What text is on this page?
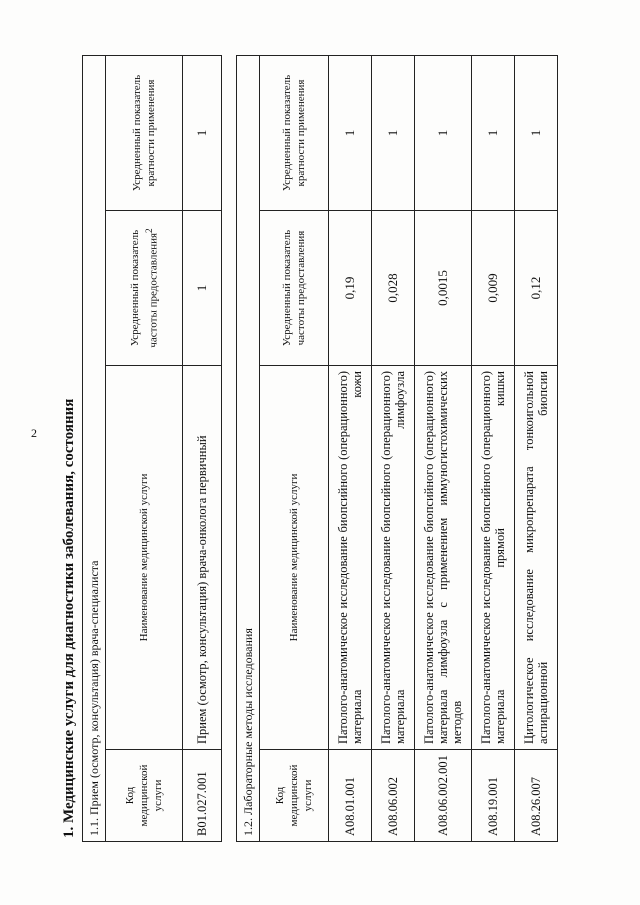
2 1. Медицинские услуги для диагностики заболевания, состояния 1.1. Прием (осмотр, консультация) врача-специалиста			
Код медицинской услуги	Наименование медицинской услуги	Усредненный показатель частоты предоставления$^2$	Усредненный показатель кратности применения
B01.027.001	Прием (осмотр, консультация) врача-онколога первичный	1	1
1.2. Лабораторные методы исследования			
Код медицинской услуги	Наименование медицинской услуги	Усредненный показатель частоты предоставления	Усредненный показатель кратности применения
A08.01.001	Патолого-анатомическое исследование биопсийного (операционного) материала кожи	0,19	1
A08.06.002	Патолого-анатомическое исследование биопсийного (операционного) материала лимфоузла	0,028	1
A08.06.002.001	Патолого-анатомическое исследование биопсийного (операционного) материала лимфоузла с применением иммуногистохимических методов	0,0015	1
A08.19.001	Патолого-анатомическое исследование биопсийного (операционного) материала прямой кишки	0,009	1
A08.26.007	Цитологическое исследование микропрепарата тонкоигольной аспирационной биопсии	0,12	1
